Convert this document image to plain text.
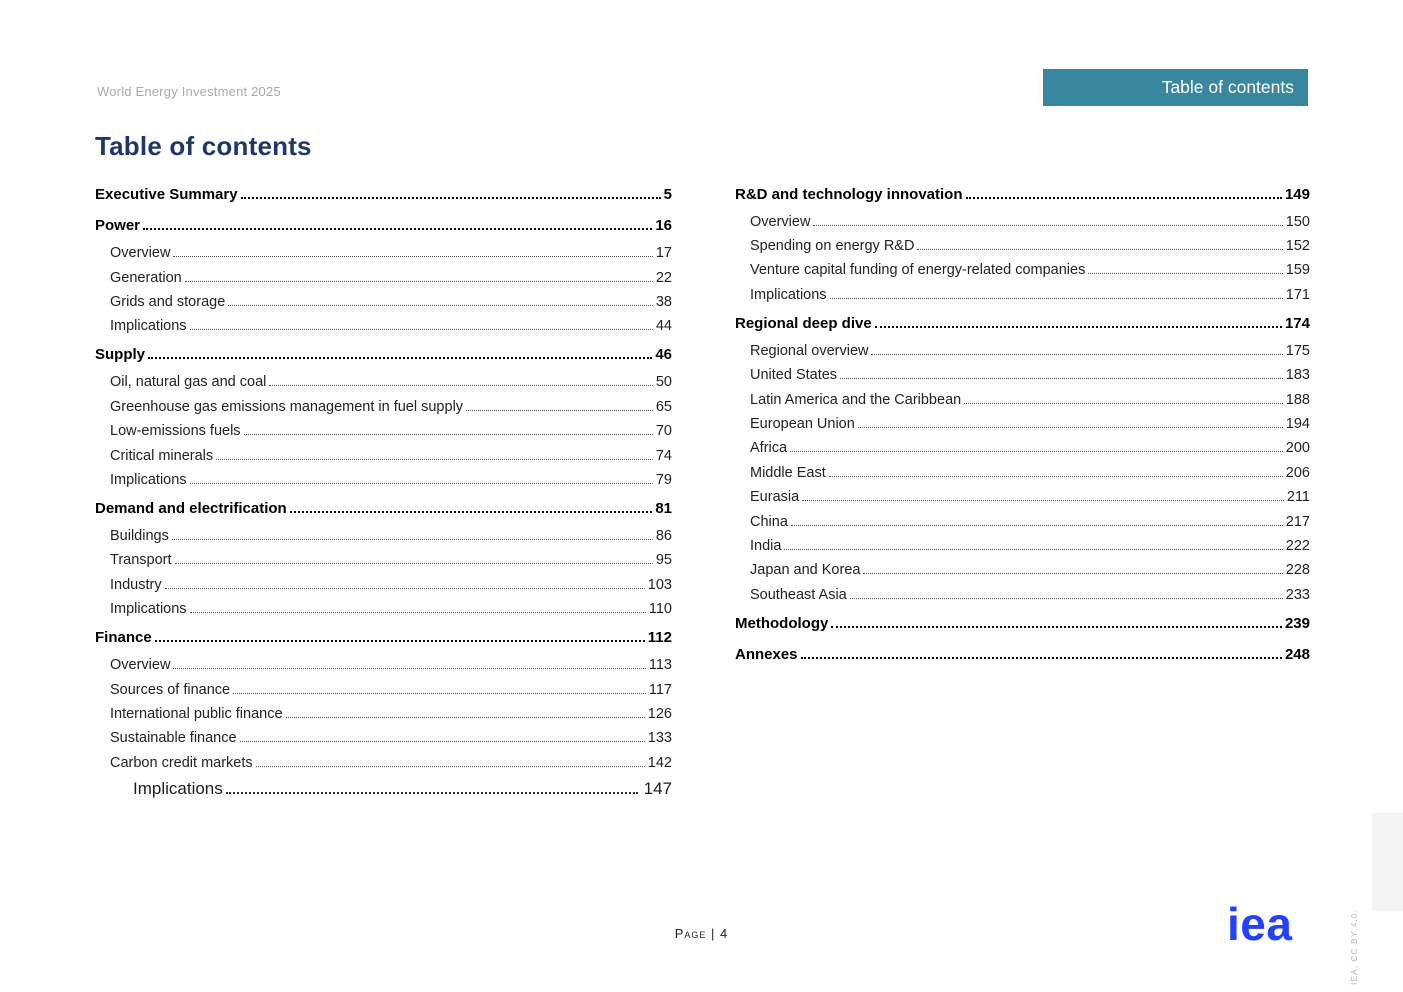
World Energy Investment 2025	Table of contents
Table of contents
Executive Summary	5
Power	16
Overview	17
Generation	22
Grids and storage	38
Implications	44
Supply	46
Oil, natural gas and coal	50
Greenhouse gas emissions management in fuel supply	65
Low-emissions fuels	70
Critical minerals	74
Implications	79
Demand and electrification	81
Buildings	86
Transport	95
Industry	103
Implications	110
Finance	112
Overview	113
Sources of finance	117
International public finance	126
Sustainable finance	133
Carbon credit markets	142
Implications	147
R&D and technology innovation	149
Overview	150
Spending on energy R&D	152
Venture capital funding of energy-related companies	159
Implications	171
Regional deep dive	174
Regional overview	175
United States	183
Latin America and the Caribbean	188
European Union	194
Africa	200
Middle East	206
Eurasia	211
China	217
India	222
Japan and Korea	228
Southeast Asia	233
Methodology	239
Annexes	248
Page | 4	iea	IEA. CC BY 4.0.
